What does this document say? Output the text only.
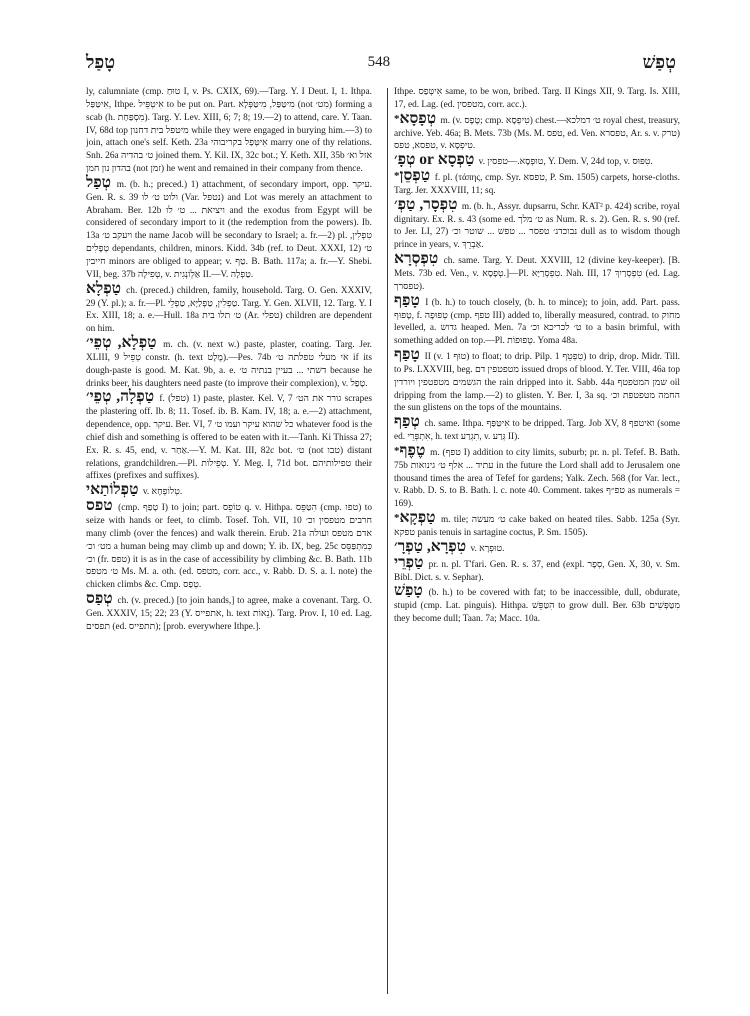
טָפַל	548	טְפַשׁ

ly, calumniate (cmp. טוּחַ I, v. Ps. CXIX, 69).—Targ. Y. I Deut. I, 1. Ithpa. אִיטַּפַּל, Ithpe. אִיטְפֵּיל to be put on. Part. מִיטַּפַּל, מִיטַּפְּלָא (not מִט׳) forming a scab (h. מִסְפַּחַת). Targ. Y. Lev. XIII, 6; 7; 8; 19.—2) to attend, care. Y. Taan. IV, 68d top מיטפל בית דחנון while they were engaged in burying him.—3) to join, attach one's self. Keth. 23a אִיטְּפַל בקריבוהי marry one of thy relations. Snh. 26a ט׳ בהדיה joined them. Y. Kil. IX, 32c bot.; Y. Keth. XII, 35b אזל וא׳ בהדון נון חמן (not זמן) he went and remained in their company from thence.

טְפַל m. (b. h.; preced.) 1) attachment, of secondary import, opp. עיקר. Gen. R. s. 39 ולוט ט׳ לו (Var. נטפל) and Lot was merely an attachment to Abraham. Ber. 12b ויציאת ... ט׳ לו and the exodus from Egypt will be considered of secondary import to it (the redemption from the powers). Ib. 13a ויעקב ט׳ the name Jacob will be secondary to Israel; a. fr.—2) pl. טִפְלִין, טְפָלִים dependants, children, minors. Kidd. 34b (ref. to Deut. XXXI, 12) ט׳ חייבין minors are obliged to appear; v. טַף. B. Bath. 117a; a. fr.—Y. Shebi. VII, beg. 37b טְפִילָה, v. אַלְוֹנְגִית II.—V. טַפְלָה.

טַפְלָא ch. (preced.) children, family, household. Targ. O. Gen. XXXIV, 29 (Y. pl.); a. fr.—Pl. טַפְלִין, טַפְלַיָּא, טַפְלֵי. Targ. Y. Gen. XLVII, 12. Targ. Y. I Ex. XIII, 18; a. e.—Hull. 18a ט׳ תלו בית (Ar. טפלי) children are dependent on him.

טַפְלָא, טְפֵי׳ m. ch. (v. next w.) paste, plaster, coating. Targ. Jer. XLIII, 9 טְפֵיל constr. (h. text מֶלֶט).—Pes. 74b אי מעלי טפלתה ט׳ if its dough-paste is good. M. Kat. 9b, a. e. דשתי ... בעיין בנתיה ט׳ because he drinks beer, his daughters need paste (to improve their complexion), v. טָפַל.

טַפְלָה, טְפֵי׳ f. (טפל) 1) paste, plaster. Kel. V, 7 גורר את הט׳ scrapes the plastering off. Ib. 8; 11. Tosef. ib. B. Kam. IV, 18; a. e.—2) attachment, dependence, opp. עיקר. Ber. VI, 7 כל שהוא עיקר ועמו ט׳ whatever food is the chief dish and something is offered to be eaten with it.—Tanh. Ki Thissa 27; Ex. R. s. 45, end, v. אַחַר.—Y. M. Kat. III, 82c bot. ט׳ (not טבו) distant relations, grandchildren.—Pl. טְפֵילוֹת. Y. Meg. I, 71d bot. טפילותיהם their affixes (prefixes and suffixes).

טַפְלוֹתַאי v. טְלוֹפְחָא.

טפס (cmp. טָפַף I) to join; part. טוֹפֵס q. v. Hithpa. הִטַּפֵּס (cmp. טפו) to seize with hands or feet, to climb. Tosef. Toh. VII, 10 חרבים מטפסין וכ׳ many climb (over the fences) and walk therein. Erub. 21a אדם מטפס ועולה מט׳ וכ׳ a human being may climb up and down; Y. ib. IX, beg. 25c כְּמִתְפַּסֵּס וכ׳ (fr. טפס) it is as in the case of accessibility by climbing &c. B. Bath. 11b ט׳ מטפס Ms. M. a. oth. (ed. מטפס, corr. acc., v. Rabb. D. S. a. l. note) the chicken climbs &c. Cmp. טְפַס.

טְפַס ch. (v. preced.) [to join hands,] to agree, make a covenant. Targ. O. Gen. XXXIV, 15; 22; 23 (Y. אתפייס, h. text נֵאוֹת). Targ. Prov. I, 10 ed. Lag. תפסים (ed. תתפייס); [prob. everywhere Ithpe.].

Ithpe. אִיטְּפַס same, to be won, bribed. Targ. II Kings XII, 9. Targ. Is. XIII, 17, ed. Lag. (ed. מטפסין, corr. acc.).

*טְפָסָא m. (v. טֶפֶס; cmp. טִיפְסָא) chest.—ט׳ דמלכא royal chest, treasury, archive. Yeb. 46a; B. Mets. 73b (Ms. M. טפס, ed. Ven. טפסרא, Ar. s. v. טרק) טפסא, טפס, v. טִיפְסָא.

טַפְסָא or טְפָ׳ v. טוּפְסָא.—טפסין, Y. Dem. V, 24d top, v. טִפּוּס.

*טַפְסֵן f. pl. (τάπης, cmp. Syr. טפסא, P. Sm. 1505) carpets, horse-cloths. Targ. Jer. XXXVIII, 11; sq.

טִפְסָר, טַפְ׳ m. (b. h., Assyr. dupsarru, Schr. KAT² p. 424) scribe, royal dignitary. Ex. R. s. 43 (some ed. ט׳ מלך as Num. R. s. 2). Gen. R. s. 90 (ref. to Jer. LI, 27) נבוכדנ׳ טפסר ... טפש ... שוטר וכ׳ dull as to wisdom though prince in years, v. אַבְרֵךְ.

טִפְסְרָא ch. same. Targ. Y. Deut. XXVIII, 12 (divine key-keeper). [B. Mets. 73b ed. Ven., v. טְפָסָא.]—Pl. טִפְסְרַיָּא. Nah. III, 17 טִפְסְרַיִךְ (ed. Lag. טפסרך).

טָפַף I (b. h.) to touch closely, (b. h. to mince); to join, add. Part. pass. טָפוּף, f. טְפוּפָה (cmp. טפף III) added to, liberally measured, contrad. to מחוק levelled, a. גדוש heaped. Men. 7a ט׳ לכריכא וכ׳ to a basin brimful, with something added on top.—Pl. טְפוּפוֹת. Yoma 48a.

טָפַף II (v. טוּף 1) to float; to drip. Pilp. טִפְטֵף 1) to drip, drop. Midr. Till. to Ps. LXXVIII, beg. מטפטפין דם issued drops of blood. Y. Ter. VIII, 46a top הגשמים מטפטפין ויורדין the rain dripped into it. Sabb. 44a שמן המטפטף oil dripping from the lamp.—2) to glisten. Y. Ber. I, 3a sq. החמה מטפטפת וכ׳ the sun glistens on the tops of the mountains.

טְפַף ch. same. Ithpa. אִיטַּפַּף to be dripped. Targ. Job XV, 8 ואיטפף (some ed. אִתְפְּרֵי, h. text תִגְרַע, v. גְּרַע II).

*טֶפֶף m. (טפף I) addition to city limits, suburb; pr. n. pl. Tefef. B. Bath. 75b עתיד ... אלף ט׳ גינואות in the future the Lord shall add to Jerusalem one thousand times the area of Tefef for gardens; Yalk. Zech. 568 (for Var. lect., v. Rabb. D. S. to B. Bath. l. c. note 40. Comment. takes טפ״ף as numerals = 169).

*טַפְקָא m. tile; ט׳ מעשה cake baked on heated tiles. Sabb. 125a (Syr. טפקא panis tenuis in sartagine coctus, P. Sm. 1505).

טִפְרָא, טַפְרָ׳ v. טוּפְרָא.

טַפְרֵי pr. n. pl. T'fari. Gen. R. s. 37, end (expl. סְפָר, Gen. X, 30, v. Sm. Bibl. Dict. s. v. Sephar).

טָפַשׁ (b. h.) to be covered with fat; to be inaccessible, dull, obdurate, stupid (cmp. Lat. pinguis). Hithpa. הִטַּפֵּשׁ to grow dull. Ber. 63b מִטַּפְּשִׁים they become dull; Taan. 7a; Macc. 10a.
